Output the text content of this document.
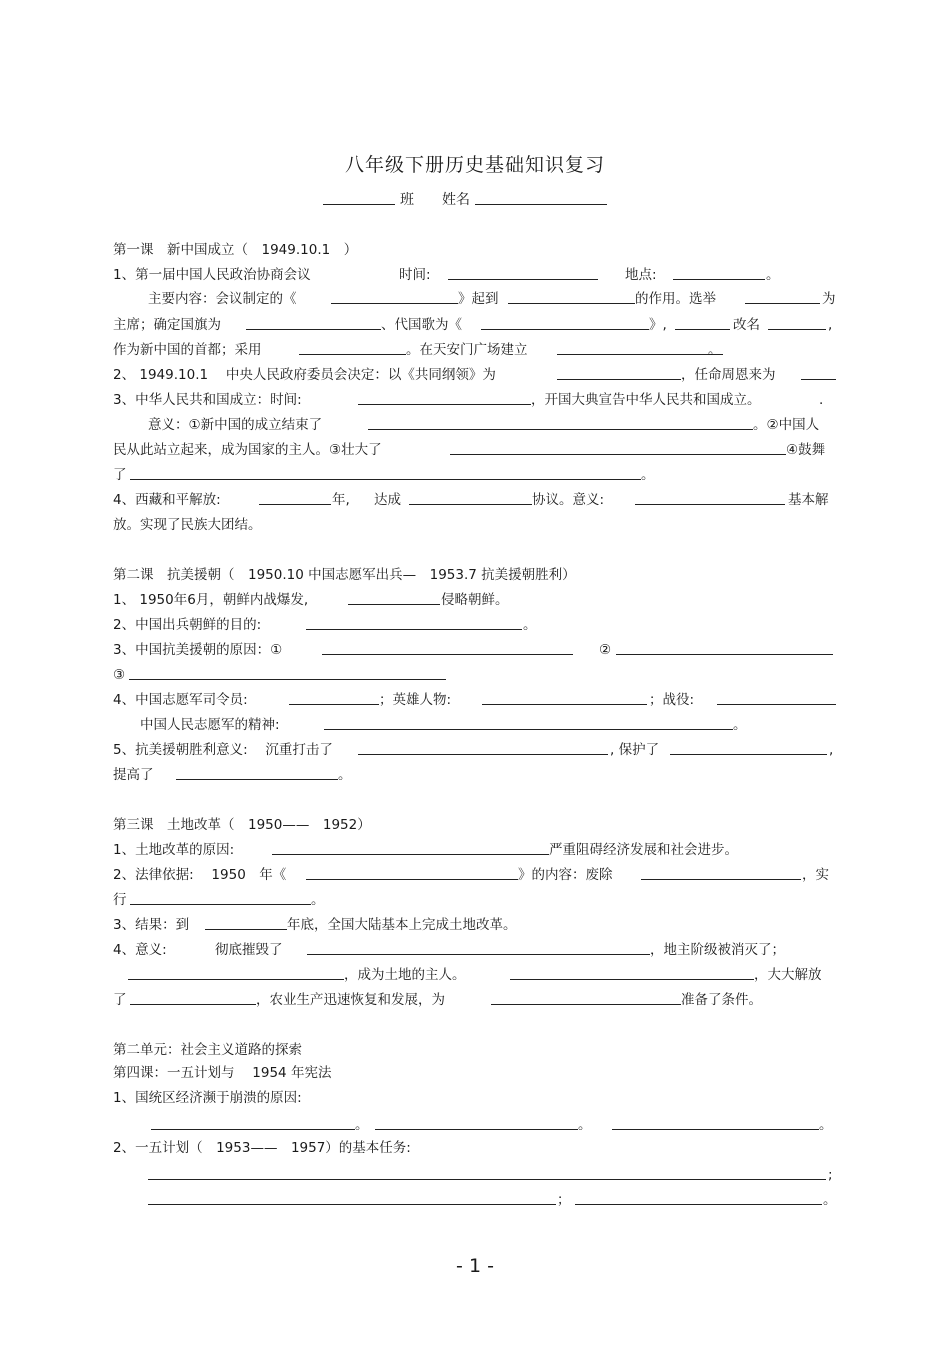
八年级下册历史基础知识复习
班 姓名
第一课　新中国成立（　1949.10.1　）
1、第一届中国人民政治协商会议	时间:	地点:	。
主要内容：会议制定的《	》起到	的作用。选举	为
主席；确定国旗为	、代国歌为《	》,	改名	,
作为新中国的首都；采用	。在天安门广场建立	。
2、 1949.10.1　 中央人民政府委员会决定：以《共同纲领》为	，任命周恩来为
3、中华人民共和国成立：时间:	，开国大典宣告中华人民共和国成立。	.
意义：①新中国的成立结束了	。②中国人
民从此站立起来，成为国家的主人。③壮大了	④鼓舞
了	。
4、西藏和平解放:	年, 达成	协议。意义:	基本解
放。实现了民族大团结。
第二课　抗美援朝（　1950.10 中国志愿军出兵—　1953.7 抗美援朝胜利）
1、 1950年6月，朝鲜内战爆发,	侵略朝鲜。
2、中国出兵朝鲜的目的:	。
3、中国抗美援朝的原因：①	②
③
4、中国志愿军司令员:	；英雄人物:	；战役:
中国人民志愿军的精神:	。
5、抗美援朝胜利意义:　 沉重打击了	, 保护了	,
提高了	。
第三课　土地改革（　1950——　1952）
1、土地改革的原因:	严重阻碍经济发展和社会进步。
2、法律依据:　 1950　年《	》的内容：废除	，实
行	。
3、结果：到	年底，全国大陆基本上完成土地改革。
4、意义:	彻底摧毁了	，地主阶级被消灭了；
，成为土地的主人。	，大大解放
了	，农业生产迅速恢复和发展，为	准备了条件。
第二单元：社会主义道路的探索
第四课：一五计划与　 1954 年宪法
1、国统区经济濒于崩溃的原因:
。	。	。
2、一五计划（　1953——　1957）的基本任务:
;
；	。
- 1 -
